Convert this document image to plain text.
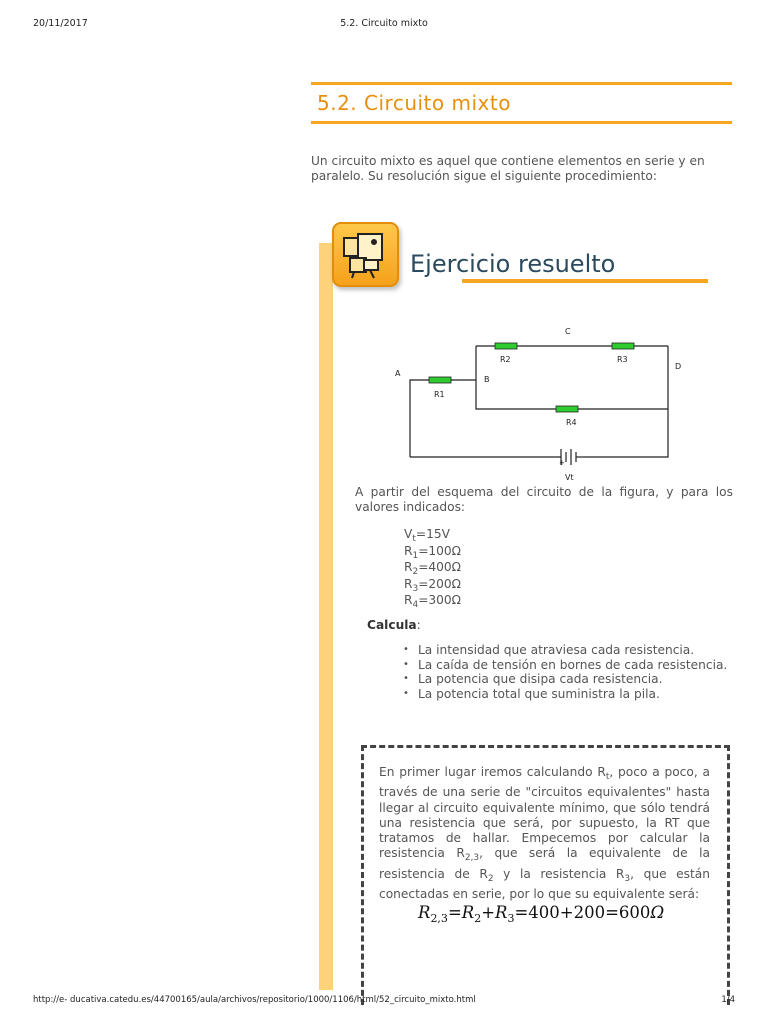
20/11/2017	5.2. Circuito mixto
5.2. Circuito mixto
Un circuito mixto es aquel que contiene elementos en serie y en paralelo. Su resolución sigue el siguiente procedimiento:
Ejercicio resuelto
C
A
B
D
R1
R2	R3
R4
+
Vt
A partir del esquema del circuito de la figura, y para los valores indicados:
$V_t=15V$
$R_1=100\Omega$
$R_2=400\Omega$
$R_3=200\Omega$
$R_4=300\Omega$
Calcula:
• La intensidad que atraviesa cada resistencia.
• La caída de tensión en bornes de cada resistencia.
• La potencia que disipa cada resistencia.
• La potencia total que suministra la pila.
En primer lugar iremos calculando $R_t$, poco a poco, a través de una serie de "circuitos equivalentes" hasta llegar al circuito equivalente mínimo, que sólo tendrá una resistencia que será, por supuesto, la RT que tratamos de hallar. Empecemos por calcular la resistencia $R_{2,3}$, que será la equivalente de la resistencia de $R_2$ y la resistencia $R_3$, que están conectadas en serie, por lo que su equivalente será:
$R_{2,3}=R_2+R_3=400+200=600\Omega$
http://e- ducativa.catedu.es/44700165/aula/archivos/repositorio/1000/1106/html/52_circuito_mixto.html	1/4
